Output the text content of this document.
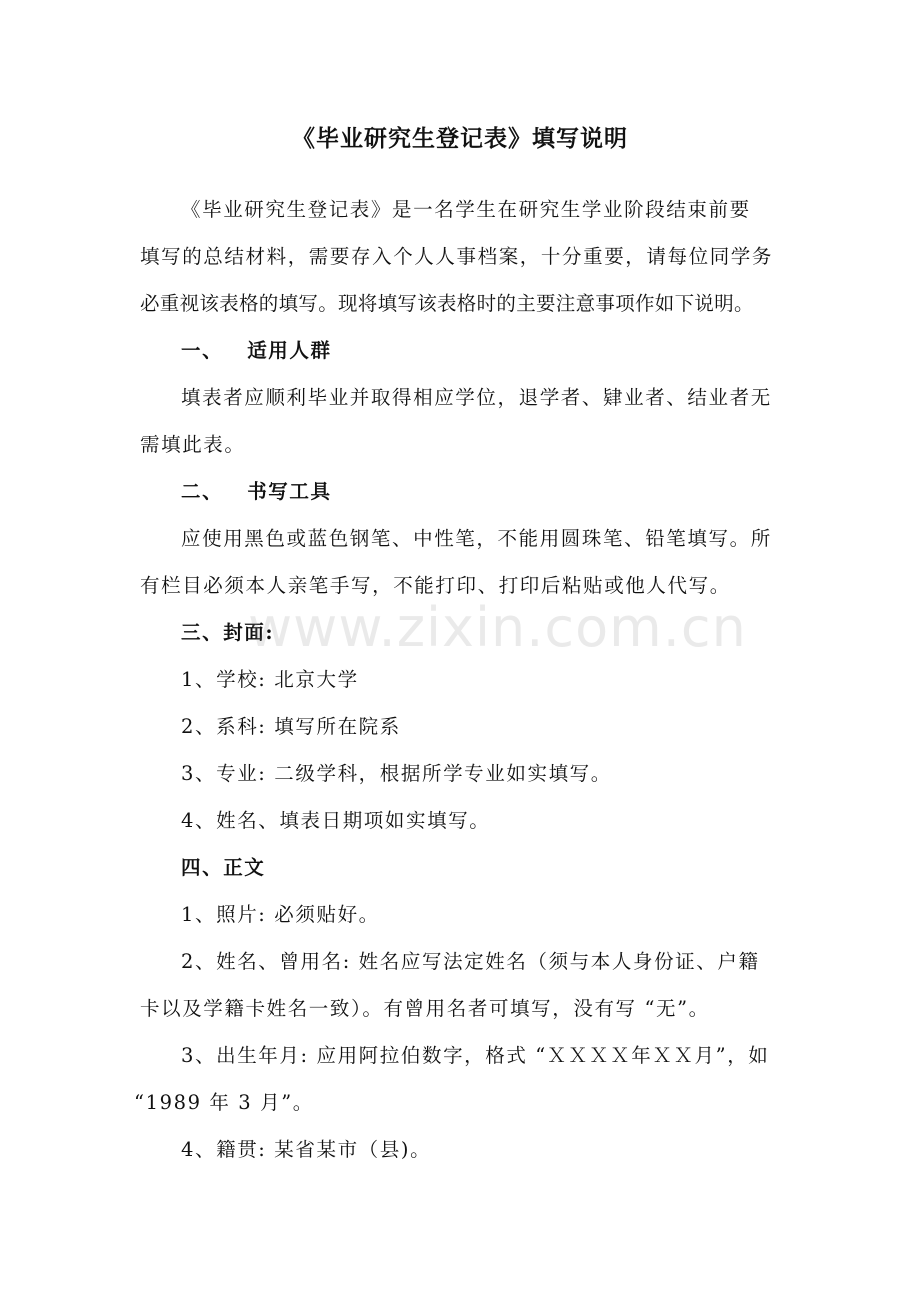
《毕业研究生登记表》填写说明

《毕业研究生登记表》是一名学生在研究生学业阶段结束前要

填写的总结材料，需要存入个人人事档案，十分重要，请每位同学务

必重视该表格的填写。现将填写该表格时的主要注意事项作如下说明。

一、 适用人群

填表者应顺利毕业并取得相应学位，退学者、肄业者、结业者无

需填此表。

二、 书写工具

应使用黑色或蓝色钢笔、中性笔，不能用圆珠笔、铅笔填写。所

有栏目必须本人亲笔手写，不能打印、打印后粘贴或他人代写。

三、封面:

1、学校: 北京大学

2、系科: 填写所在院系

3、专业: 二级学科，根据所学专业如实填写。

4、姓名、填表日期项如实填写。

四、正文

1、照片: 必须贴好。

2、姓名、曾用名: 姓名应写法定姓名（须与本人身份证、户籍

卡以及学籍卡姓名一致）。有曾用名者可填写，没有写 “无”。

3、出生年月: 应用阿拉伯数字，格式 “ＸＸＸＸ年ＸＸ月”，如

“1989 年 3 月”。

4、籍贯: 某省某市（县)。

www.zixin.com.cn
